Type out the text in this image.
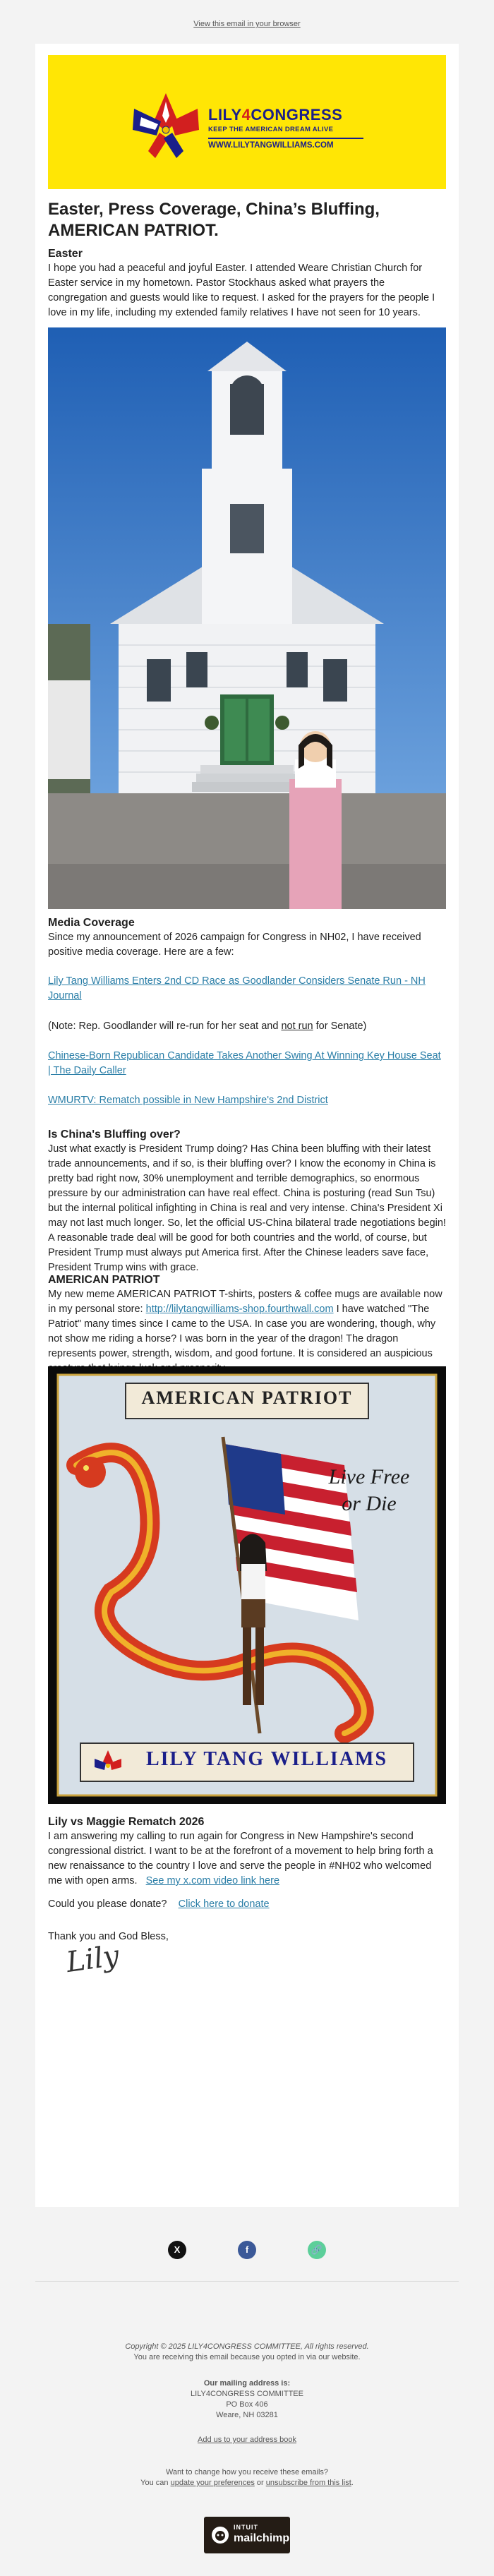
View this email in your browser
LILY4CONGRESS
KEEP THE AMERICAN DREAM ALIVE
WWW.LILYTANGWILLIAMS.COM
Easter, Press Coverage, China’s Bluffing, AMERICAN PATRIOT.
Easter

I hope you had a peaceful and joyful Easter. I attended Weare Christian Church for Easter service in my hometown. Pastor Stockhaus asked what prayers the congregation and guests would like to request. I asked for the prayers for the people I love in my life, including my extended family relatives I have not seen for 10 years.

Media Coverage

Since my announcement of 2026 campaign for Congress in NH02, I have received positive media coverage. Here are a few:

Lily Tang Williams Enters 2nd CD Race as Goodlander Considers Senate Run - NH Journal

(Note: Rep. Goodlander will re-run for her seat and not run for Senate)

Chinese-Born Republican Candidate Takes Another Swing At Winning Key House Seat | The Daily Caller
WMURTV: Rematch possible in New Hampshire's 2nd District
Is China's Bluffing over?

Just what exactly is President Trump doing? Has China been bluffing with their latest trade announcements, and if so, is their bluffing over? I know the economy in China is pretty bad right now, 30% unemployment and terrible demographics, so enormous pressure by our administration can have real effect. China is posturing (read Sun Tsu) but the internal political infighting in China is real and very intense. China's President Xi may not last much longer. So, let the official US-China bilateral trade negotiations begin! A reasonable trade deal will be good for both countries and the world, of course, but President Trump must always put America first. After the Chinese leaders save face, President Trump wins with grace.

AMERICAN PATRIOT

My new meme AMERICAN PATRIOT T-shirts, posters & coffee mugs are available now in my personal store: http://lilytangwilliams-shop.fourthwall.com I have watched "The Patriot" many times since I came to the USA. In case you are wondering, though, why not show me riding a horse? I was born in the year of the dragon! The dragon represents power, strength, wisdom, and good fortune. It is considered an auspicious

AMERICAN PATRIOT
Live Free
or Die
LILY TANG WILLIAMS
Lily vs Maggie Rematch 2026

I am answering my calling to run again for Congress in New Hampshire's second congressional district. I want to be at the forefront of a movement to help bring forth a new renaissance to the country I love and serve the people in #NH02 who welcomed me with open arms. See my x.com video link here

Could you please donate? Click here to donate

Thank you and God Bless,

Lily
X	f	🔗
Copyright © 2025 LILY4CONGRESS COMMITTEE, All rights reserved.
You are receiving this email because you opted in via our website.
Our mailing address is:
LILY4CONGRESS COMMITTEE
PO Box 406
Weare, NH 03281
Add us to your address book
Want to change how you receive these emails?
You can update your preferences or unsubscribe from this list.
INTUIT
mailchimp
